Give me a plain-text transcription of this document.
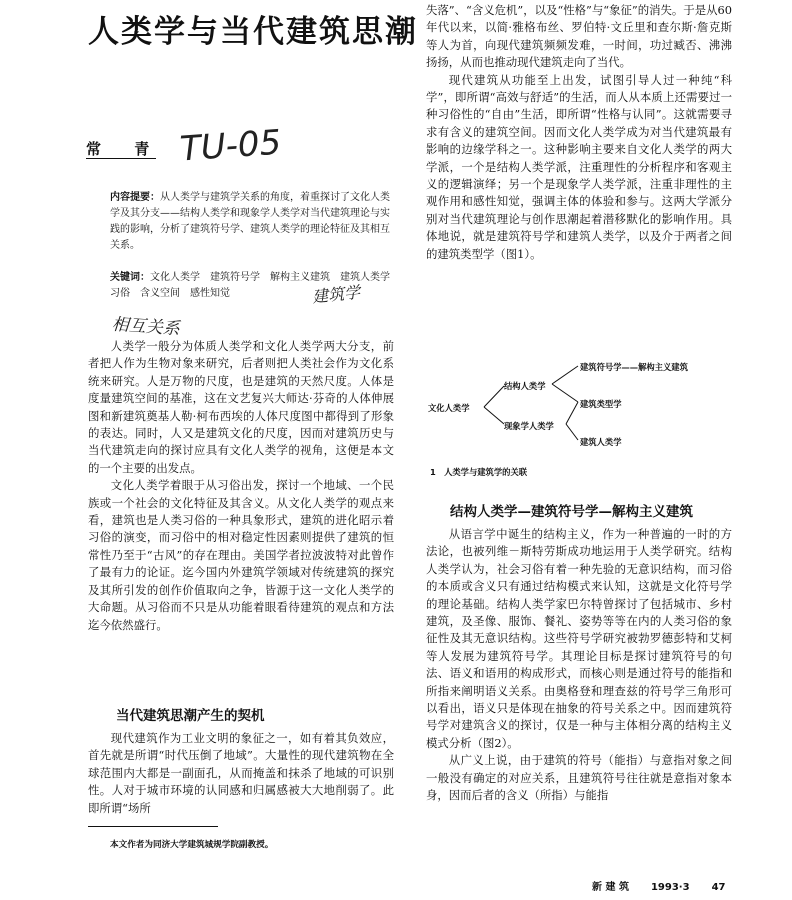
人类学与当代建筑思潮
常 青 TU-05
内容提要：从人类学与建筑学关系的角度，着重探讨了文化人类学及其分支——结构人类学和现象学人类学对当代建筑理论与实践的影响，分析了建筑符号学、建筑人类学的理论特征及其相互关系。
关键词：文化人类学　建筑符号学　解构主义建筑　建筑人类学　习俗　含义空间　感性知觉	建筑学
相互关系

人类学一般分为体质人类学和文化人类学两大分支，前者把人作为生物对象来研究，后者则把人类社会作为文化系统来研究。人是万物的尺度，也是建筑的天然尺度。人体是度量建筑空间的基准，这在文艺复兴大师达·芬奇的人体伸展图和新建筑奠基人勒·柯布西埃的人体尺度图中都得到了形象的表达。同时，人又是建筑文化的尺度，因而对建筑历史与当代建筑走向的探讨应具有文化人类学的视角，这便是本文的一个主要的出发点。

文化人类学着眼于从习俗出发，探讨一个地域、一个民族或一个社会的文化特征及其含义。从文化人类学的观点来看，建筑也是人类习俗的一种具象形式，建筑的进化昭示着习俗的演变，而习俗中的相对稳定性因素则提供了建筑的恒常性乃至于“古风”的存在理由。美国学者拉波波特对此曾作了最有力的论证。迄今国内外建筑学领域对传统建筑的探究及其所引发的创作价值取向之争，皆源于这一文化人类学的大命题。从习俗而不只是从功能着眼看待建筑的观点和方法迄今依然盛行。

当代建筑思潮产生的契机

现代建筑作为工业文明的象征之一，如有着其负效应，首先就是所谓“时代压倒了地域”。大量性的现代建筑物在全球范围内大都是一副面孔，从而掩盖和抹杀了地域的可识别性。人对于城市环境的认同感和归属感被大大地削弱了。此即所谓“场所

本文作者为同济大学建筑城规学院副教授。

失落”、“含义危机”，以及“性格”与“象征”的消失。于是从60年代以来，以简·雅格布丝、罗伯特·文丘里和查尔斯·詹克斯等人为首，向现代建筑频频发难，一时间，功过臧否、沸沸扬扬，从而也推动现代建筑走向了当代。

现代建筑从功能至上出发，试图引导人过一种纯“科学”，即所谓“高效与舒适”的生活，而人从本质上还需要过一种习俗性的“自由”生活，即所谓“性格与认同”。这就需要寻求有含义的建筑空间。因而文化人类学成为对当代建筑最有影响的边缘学科之一。这种影响主要来自文化人类学的两大学派，一个是结构人类学派，注重理性的分析程序和客观主义的逻辑演绎；另一个是现象学人类学派，注重非理性的主观作用和感性知觉，强调主体的体验和参与。这两大学派分别对当代建筑理论与创作思潮起着潜移默化的影响作用。具体地说，就是建筑符号学和建筑人类学，以及介于两者之间的建筑类型学（图1）。

文化人类学
结构人类学
现象学人类学
建筑符号学——解构主义建筑
建筑类型学
建筑人类学
1　人类学与建筑学的关联
结构人类学—建筑符号学—解构主义建筑

从语言学中诞生的结构主义，作为一种普遍的一时的方法论，也被列维－斯特劳斯成功地运用于人类学研究。结构人类学认为，社会习俗有着一种先验的无意识结构，而习俗的本质或含义只有通过结构模式来认知，这就是文化符号学的理论基础。结构人类学家巴尔特曾探讨了包括城市、乡村建筑，及圣像、服饰、餐礼、姿势等等在内的人类习俗的象征性及其无意识结构。这些符号学研究被勃罗德彭特和艾柯等人发展为建筑符号学。其理论目标是探讨建筑符号的句法、语义和语用的构成形式，而核心则是通过符号的能指和所指来阐明语义关系。由奥格登和理查兹的符号学三角形可以看出，语义只是体现在抽象的符号关系之中。因而建筑符号学对建筑含义的探讨，仅是一种与主体相分离的结构主义模式分析（图2）。

从广义上说，由于建筑的符号（能指）与意指对象之间一般没有确定的对应关系，且建筑符号往往就是意指对象本身，因而后者的含义（所指）与能指

新 建 筑 1993·3 47
